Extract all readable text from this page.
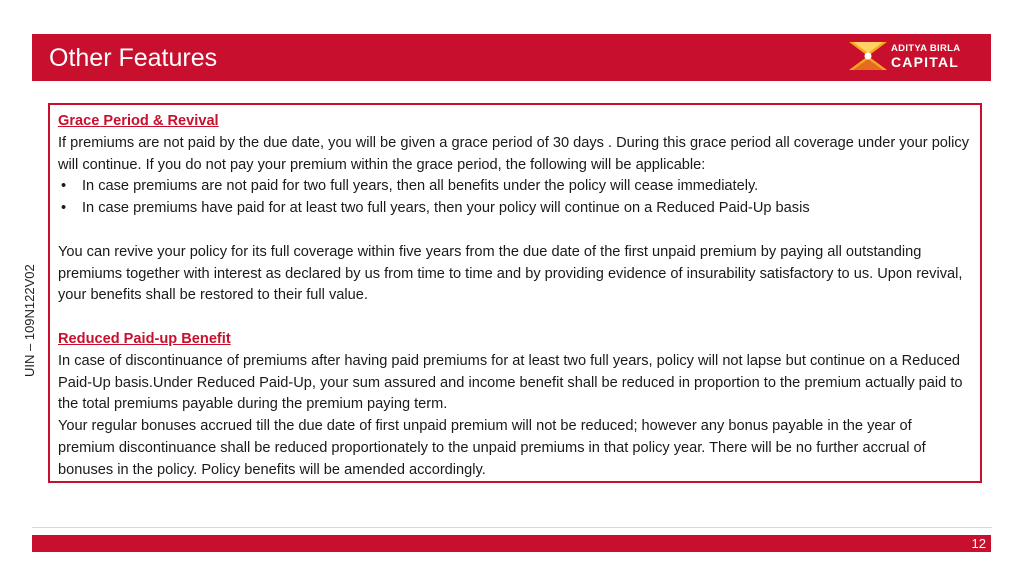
Other Features	ADITYA BIRLA
CAPITAL
UIN – 109N122V02
Grace Period & Revival

If premiums are not paid by the due date, you will be given a grace period of 30 days . During this grace period all coverage under your policy will continue. If you do not pay your premium within the grace period, the following will be applicable:

• In case premiums are not paid for two full years, then all benefits under the policy will cease immediately.
• In case premiums have paid for at least two full years, then your policy will continue on a Reduced Paid-Up basis

You can revive your policy for its full coverage within five years from the due date of the first unpaid premium by paying all outstanding premiums together with interest as declared by us from time to time and by providing evidence of insurability satisfactory to us. Upon revival, your benefits shall be restored to their full value.

Reduced Paid-up Benefit

In case of discontinuance of premiums after having paid premiums for at least two full years, policy will not lapse but continue on a Reduced Paid-Up basis.Under Reduced Paid-Up, your sum assured and income benefit shall be reduced in proportion to the premium actually paid to the total premiums payable during the premium paying term.

Your regular bonuses accrued till the due date of first unpaid premium will not be reduced; however any bonus payable in the year of premium discontinuance shall be reduced proportionately to the unpaid premiums in that policy year. There will be no further accrual of bonuses in the policy. Policy benefits will be amended accordingly.

12
